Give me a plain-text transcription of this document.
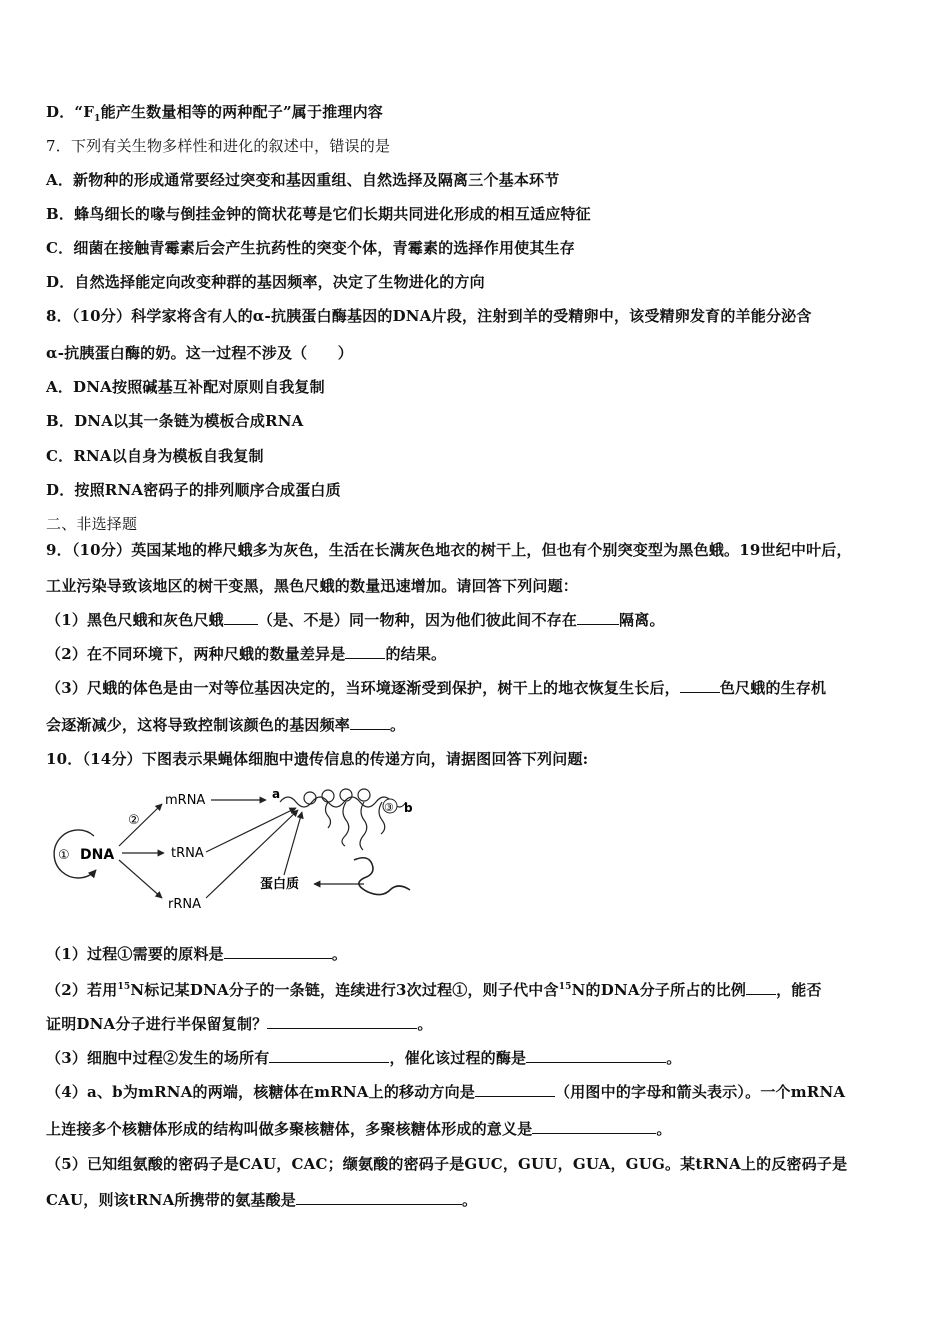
D．“$F_1$能产生数量相等的两种配子”属于推理内容
7．下列有关生物多样性和进化的叙述中，错误的是
A．新物种的形成通常要经过突变和基因重组、自然选择及隔离三个基本环节
B．蜂鸟细长的喙与倒挂金钟的筒状花萼是它们长期共同进化形成的相互适应特征
C．细菌在接触青霉素后会产生抗药性的突变个体，青霉素的选择作用使其生存
D．自然选择能定向改变种群的基因频率，决定了生物进化的方向
8．（10分）科学家将含有人的α-抗胰蛋白酶基因的DNA片段，注射到羊的受精卵中，该受精卵发育的羊能分泌含
α-抗胰蛋白酶的奶。这一过程不涉及（　　）
A．DNA按照碱基互补配对原则自我复制
B．DNA以其一条链为模板合成RNA
C．RNA以自身为模板自我复制
D．按照RNA密码子的排列顺序合成蛋白质
二、非选择题
9．（10分）英国某地的桦尺蛾多为灰色，生活在长满灰色地衣的树干上，但也有个别突变型为黑色蛾。19世纪中叶后，
工业污染导致该地区的树干变黑，黑色尺蛾的数量迅速增加。请回答下列问题：
（1）黑色尺蛾和灰色尺蛾 （是、不是）同一物种，因为他们彼此间不存在	隔离。
（2）在不同环境下，两种尺蛾的数量差异是	的结果。
（3）尺蛾的体色是由一对等位基因决定的，当环境逐渐受到保护，树干上的地衣恢复生长后，	色尺蛾的生存机
会逐渐减少，这将导致控制该颜色的基因频率	。
10．（14分）下图表示果蝇体细胞中遗传信息的传递方向，请据图回答下列问题:
① DNA
②
mRNA
tRNA
rRNA
a
③ b
蛋白质
（1）过程①需要的原料是	。
（2）若用$^{15}$N标记某DNA分子的一条链，连续进行3次过程①，则子代中含$^{15}$N的DNA分子所占的比例 ，能否
证明DNA分子进行半保留复制？	。
（3）细胞中过程②发生的场所有	，催化该过程的酶是	。
（4）a、b为mRNA的两端，核糖体在mRNA上的移动方向是	（用图中的字母和箭头表示）。一个mRNA
上连接多个核糖体形成的结构叫做多聚核糖体，多聚核糖体形成的意义是	。
（5）已知组氨酸的密码子是CAU，CAC；缬氨酸的密码子是GUC，GUU，GUA，GUG。某tRNA上的反密码子是
CAU，则该tRNA所携带的氨基酸是	。
